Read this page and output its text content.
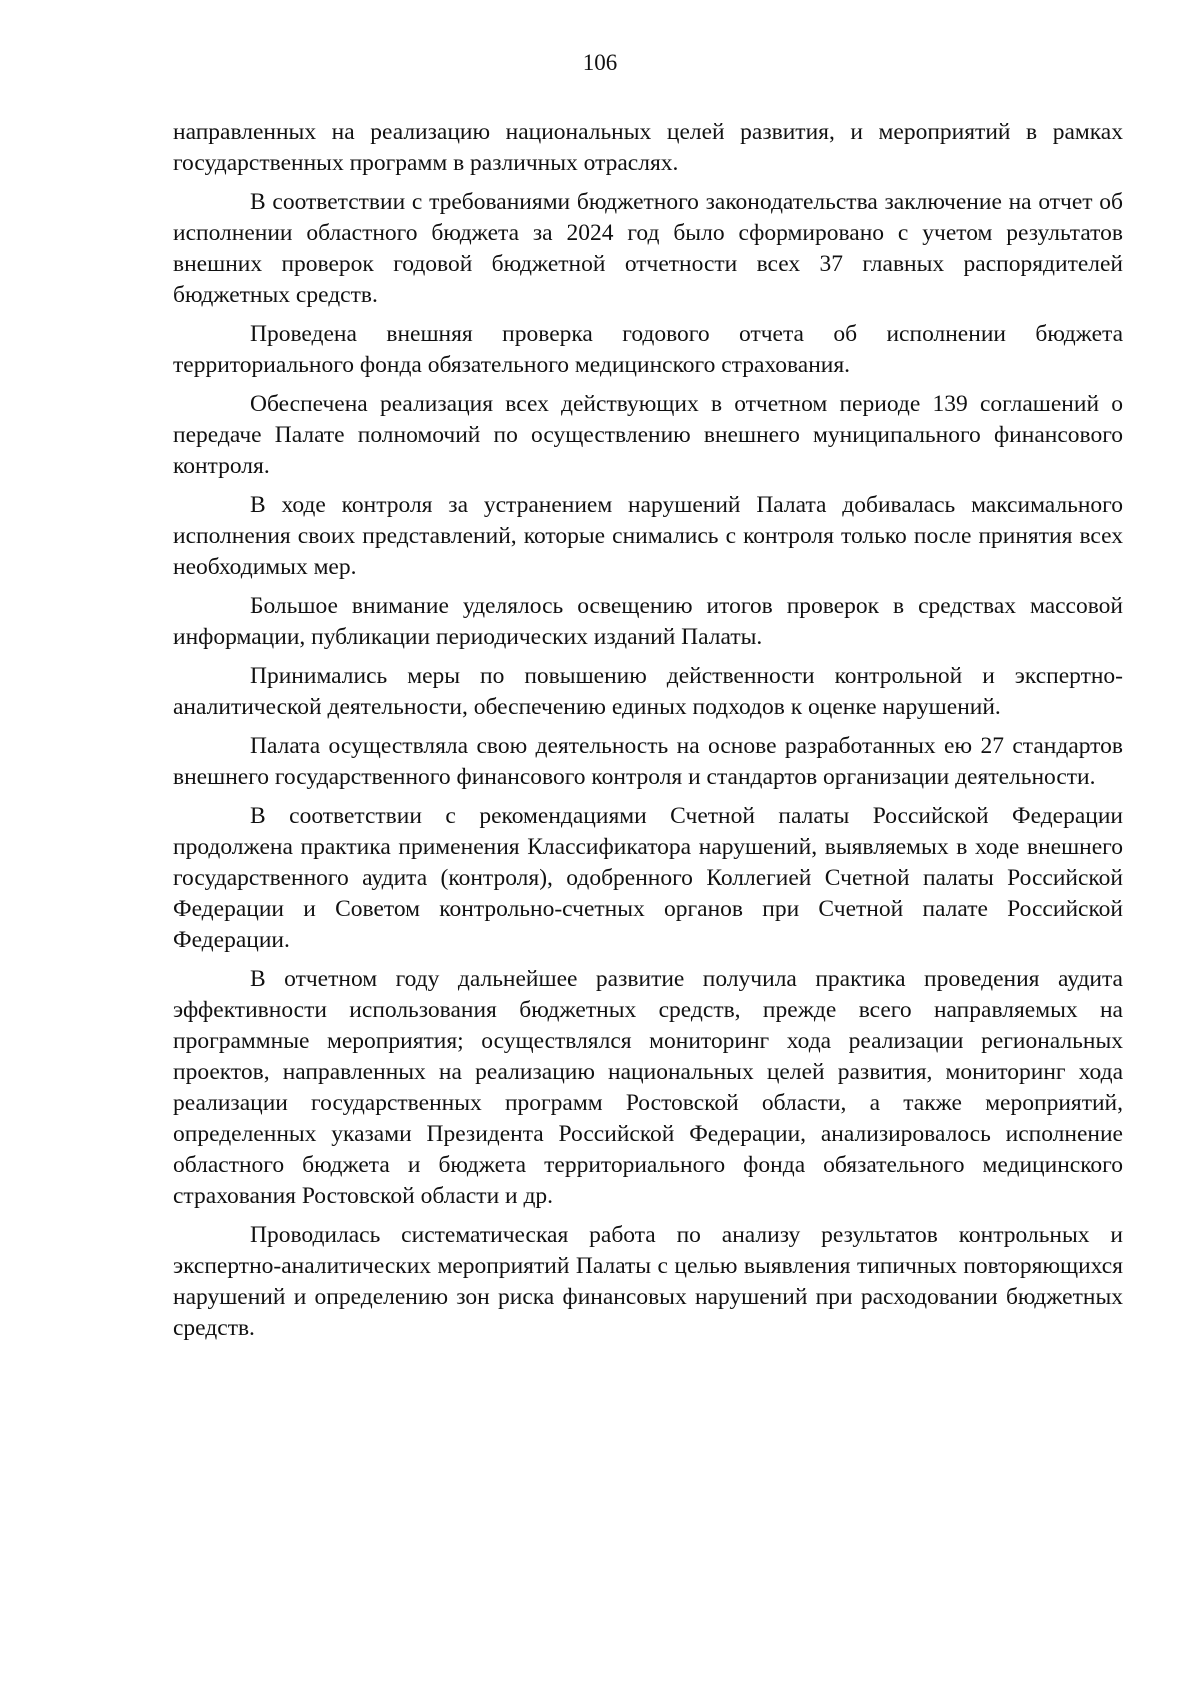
106

направленных на реализацию национальных целей развития, и мероприятий в рамках государственных программ в различных отраслях.

В соответствии с требованиями бюджетного законодательства заключение на отчет об исполнении областного бюджета за 2024 год было сформировано с учетом результатов внешних проверок годовой бюджетной отчетности всех 37 главных распорядителей бюджетных средств.

Проведена внешняя проверка годового отчета об исполнении бюджета территориального фонда обязательного медицинского страхования.

Обеспечена реализация всех действующих в отчетном периоде 139 соглашений о передаче Палате полномочий по осуществлению внешнего муниципального финансового контроля.

В ходе контроля за устранением нарушений Палата добивалась максимального исполнения своих представлений, которые снимались с контроля только после принятия всех необходимых мер.

Большое внимание уделялось освещению итогов проверок в средствах массовой информации, публикации периодических изданий Палаты.

Принимались меры по повышению действенности контрольной и экспертно-аналитической деятельности, обеспечению единых подходов к оценке нарушений.

Палата осуществляла свою деятельность на основе разработанных ею 27 стандартов внешнего государственного финансового контроля и стандартов организации деятельности.

В соответствии с рекомендациями Счетной палаты Российской Федерации продолжена практика применения Классификатора нарушений, выявляемых в ходе внешнего государственного аудита (контроля), одобренного Коллегией Счетной палаты Российской Федерации и Советом контрольно-счетных органов при Счетной палате Российской Федерации.

В отчетном году дальнейшее развитие получила практика проведения аудита эффективности использования бюджетных средств, прежде всего направляемых на программные мероприятия; осуществлялся мониторинг хода реализации региональных проектов, направленных на реализацию национальных целей развития, мониторинг хода реализации государственных программ Ростовской области, а также мероприятий, определенных указами Президента Российской Федерации, анализировалось исполнение областного бюджета и бюджета территориального фонда обязательного медицинского страхования Ростовской области и др.

Проводилась систематическая работа по анализу результатов контрольных и экспертно-аналитических мероприятий Палаты с целью выявления типичных повторяющихся нарушений и определению зон риска финансовых нарушений при расходовании бюджетных средств.
